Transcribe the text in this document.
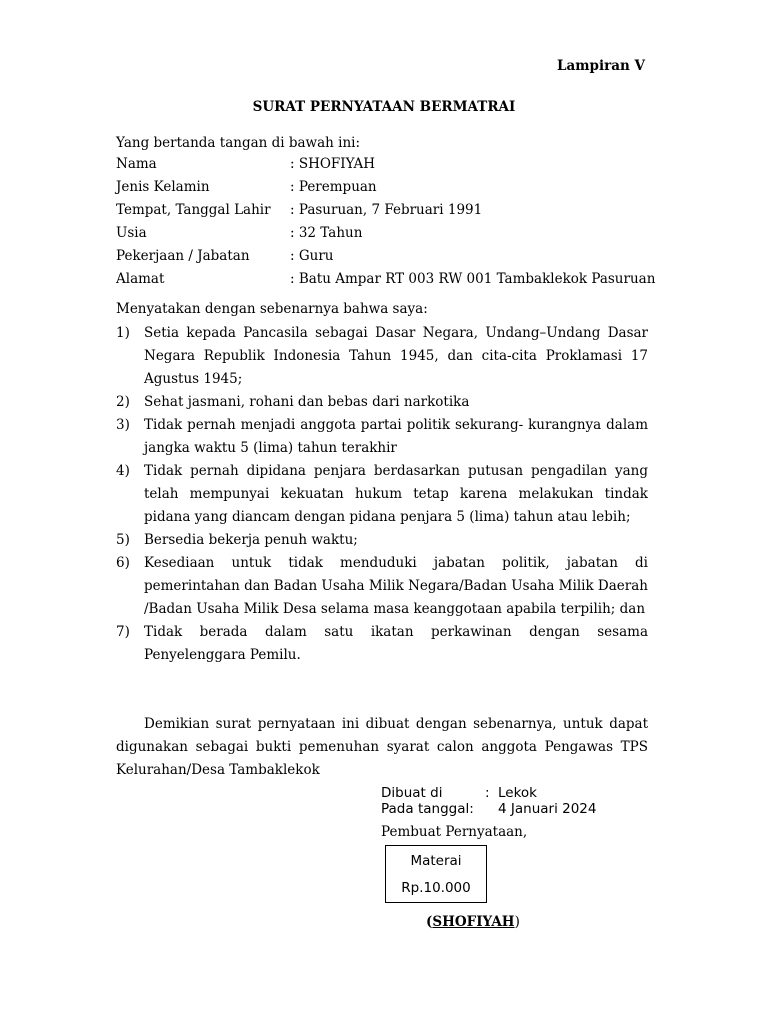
Lampiran V
SURAT PERNYATAAN BERMATRAI
Yang bertanda tangan di bawah ini:
Nama	: SHOFIYAH
Jenis Kelamin	: Perempuan
Tempat, Tanggal Lahir	: Pasuruan, 7 Februari 1991
Usia	: 32 Tahun
Pekerjaan / Jabatan	: Guru
Alamat	: Batu Ampar RT 003 RW 001 Tambaklekok Pasuruan
Menyatakan dengan sebenarnya bahwa saya:
1)	Setia kepada Pancasila sebagai Dasar Negara, Undang–Undang Dasar Negara Republik Indonesia Tahun 1945, dan cita-cita Proklamasi 17 Agustus 1945;
2)	Sehat jasmani, rohani dan bebas dari narkotika
3)	Tidak pernah menjadi anggota partai politik sekurang- kurangnya dalam jangka waktu 5 (lima) tahun terakhir
4)	Tidak pernah dipidana penjara berdasarkan putusan pengadilan yang telah mempunyai kekuatan hukum tetap karena melakukan tindak pidana yang diancam dengan pidana penjara 5 (lima) tahun atau lebih;
5)	Bersedia bekerja penuh waktu;
6)	Kesediaan untuk tidak menduduki jabatan politik, jabatan di pemerintahan dan Badan Usaha Milik Negara/Badan Usaha Milik Daerah /Badan Usaha Milik Desa selama masa keanggotaan apabila terpilih; dan
7)	Tidak berada dalam satu ikatan perkawinan dengan sesama Penyelenggara Pemilu.
Demikian surat pernyataan ini dibuat dengan sebenarnya, untuk dapat digunakan sebagai bukti pemenuhan syarat calon anggota Pengawas TPS Kelurahan/Desa Tambaklekok
Dibuat di	: Lekok
Pada tanggal:	4 Januari 2024
Pembuat Pernyataan,
Materai
Rp.10.000
(SHOFIYAH)
